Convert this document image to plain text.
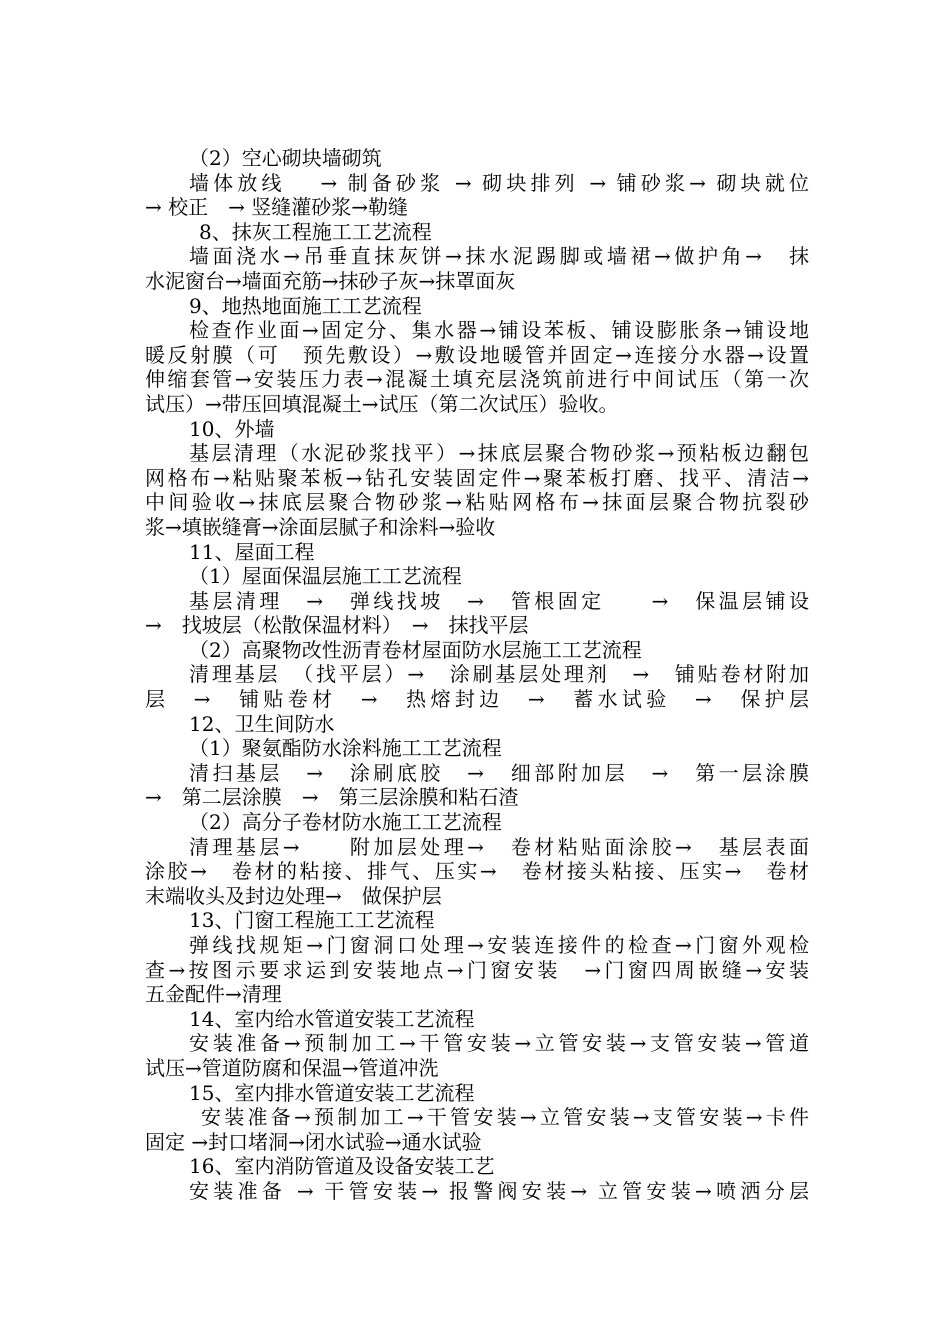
（2）空心砌块墙砌筑
墙体放线　 → 制备砂浆 → 砌块排列 → 铺砂浆→ 砌块就位
→ 校正　→ 竖缝灌砂浆→勒缝
8、抹灰工程施工工艺流程
墙面浇水→吊垂直抹灰饼→抹水泥踢脚或墙裙→做护角→　抹
水泥窗台→墙面充筋→抹砂子灰→抹罩面灰
9、地热地面施工工艺流程
检查作业面→固定分、集水器→铺设苯板、铺设膨胀条→铺设地
暖反射膜（可　预先敷设）→敷设地暖管并固定→连接分水器→设置
伸缩套管→安装压力表→混凝土填充层浇筑前进行中间试压（第一次
试压）→带压回填混凝土→试压（第二次试压）验收。
10、外墙
基层清理（水泥砂浆找平）→抹底层聚合物砂浆→预粘板边翻包
网格布→粘贴聚苯板→钻孔安装固定件→聚苯板打磨、找平、清洁→
中间验收→抹底层聚合物砂浆→粘贴网格布→抹面层聚合物抗裂砂
浆→填嵌缝膏→涂面层腻子和涂料→验收
11、屋面工程
（1）屋面保温层施工工艺流程
基层清理　→　弹线找坡　→　管根固定　　→　保温层铺设
→　找坡层（松散保温材料）　→　抹找平层
（2）高聚物改性沥青卷材屋面防水层施工工艺流程
清理基层　（找平层）→　涂刷基层处理剂　→　铺贴卷材附加
层　→　铺贴卷材　→　热熔封边　→　蓄水试验　→　保护层
12、卫生间防水
（1）聚氨酯防水涂料施工工艺流程
清扫基层　→　涂刷底胶　→　细部附加层　→　第一层涂膜
→　第二层涂膜　→　第三层涂膜和粘石渣
（2）高分子卷材防水施工工艺流程
清理基层→　　附加层处理→　卷材粘贴面涂胶→　基层表面
涂胶→　卷材的粘接、排气、压实→　卷材接头粘接、压实→　卷材
末端收头及封边处理→　做保护层
13、门窗工程施工工艺流程
弹线找规矩→门窗洞口处理→安装连接件的检查→门窗外观检
查→按图示要求运到安装地点→门窗安装　→门窗四周嵌缝→安装
五金配件→清理
14、室内给水管道安装工艺流程
安装准备→预制加工→干管安装→立管安装→支管安装→管道
试压→管道防腐和保温→管道冲洗
15、室内排水管道安装工艺流程
安装准备→预制加工→干管安装→立管安装→支管安装→卡件
固定 →封口堵洞→闭水试验→通水试验
16、室内消防管道及设备安装工艺
安装准备 → 干管安装→ 报警阀安装→ 立管安装→喷洒分层
